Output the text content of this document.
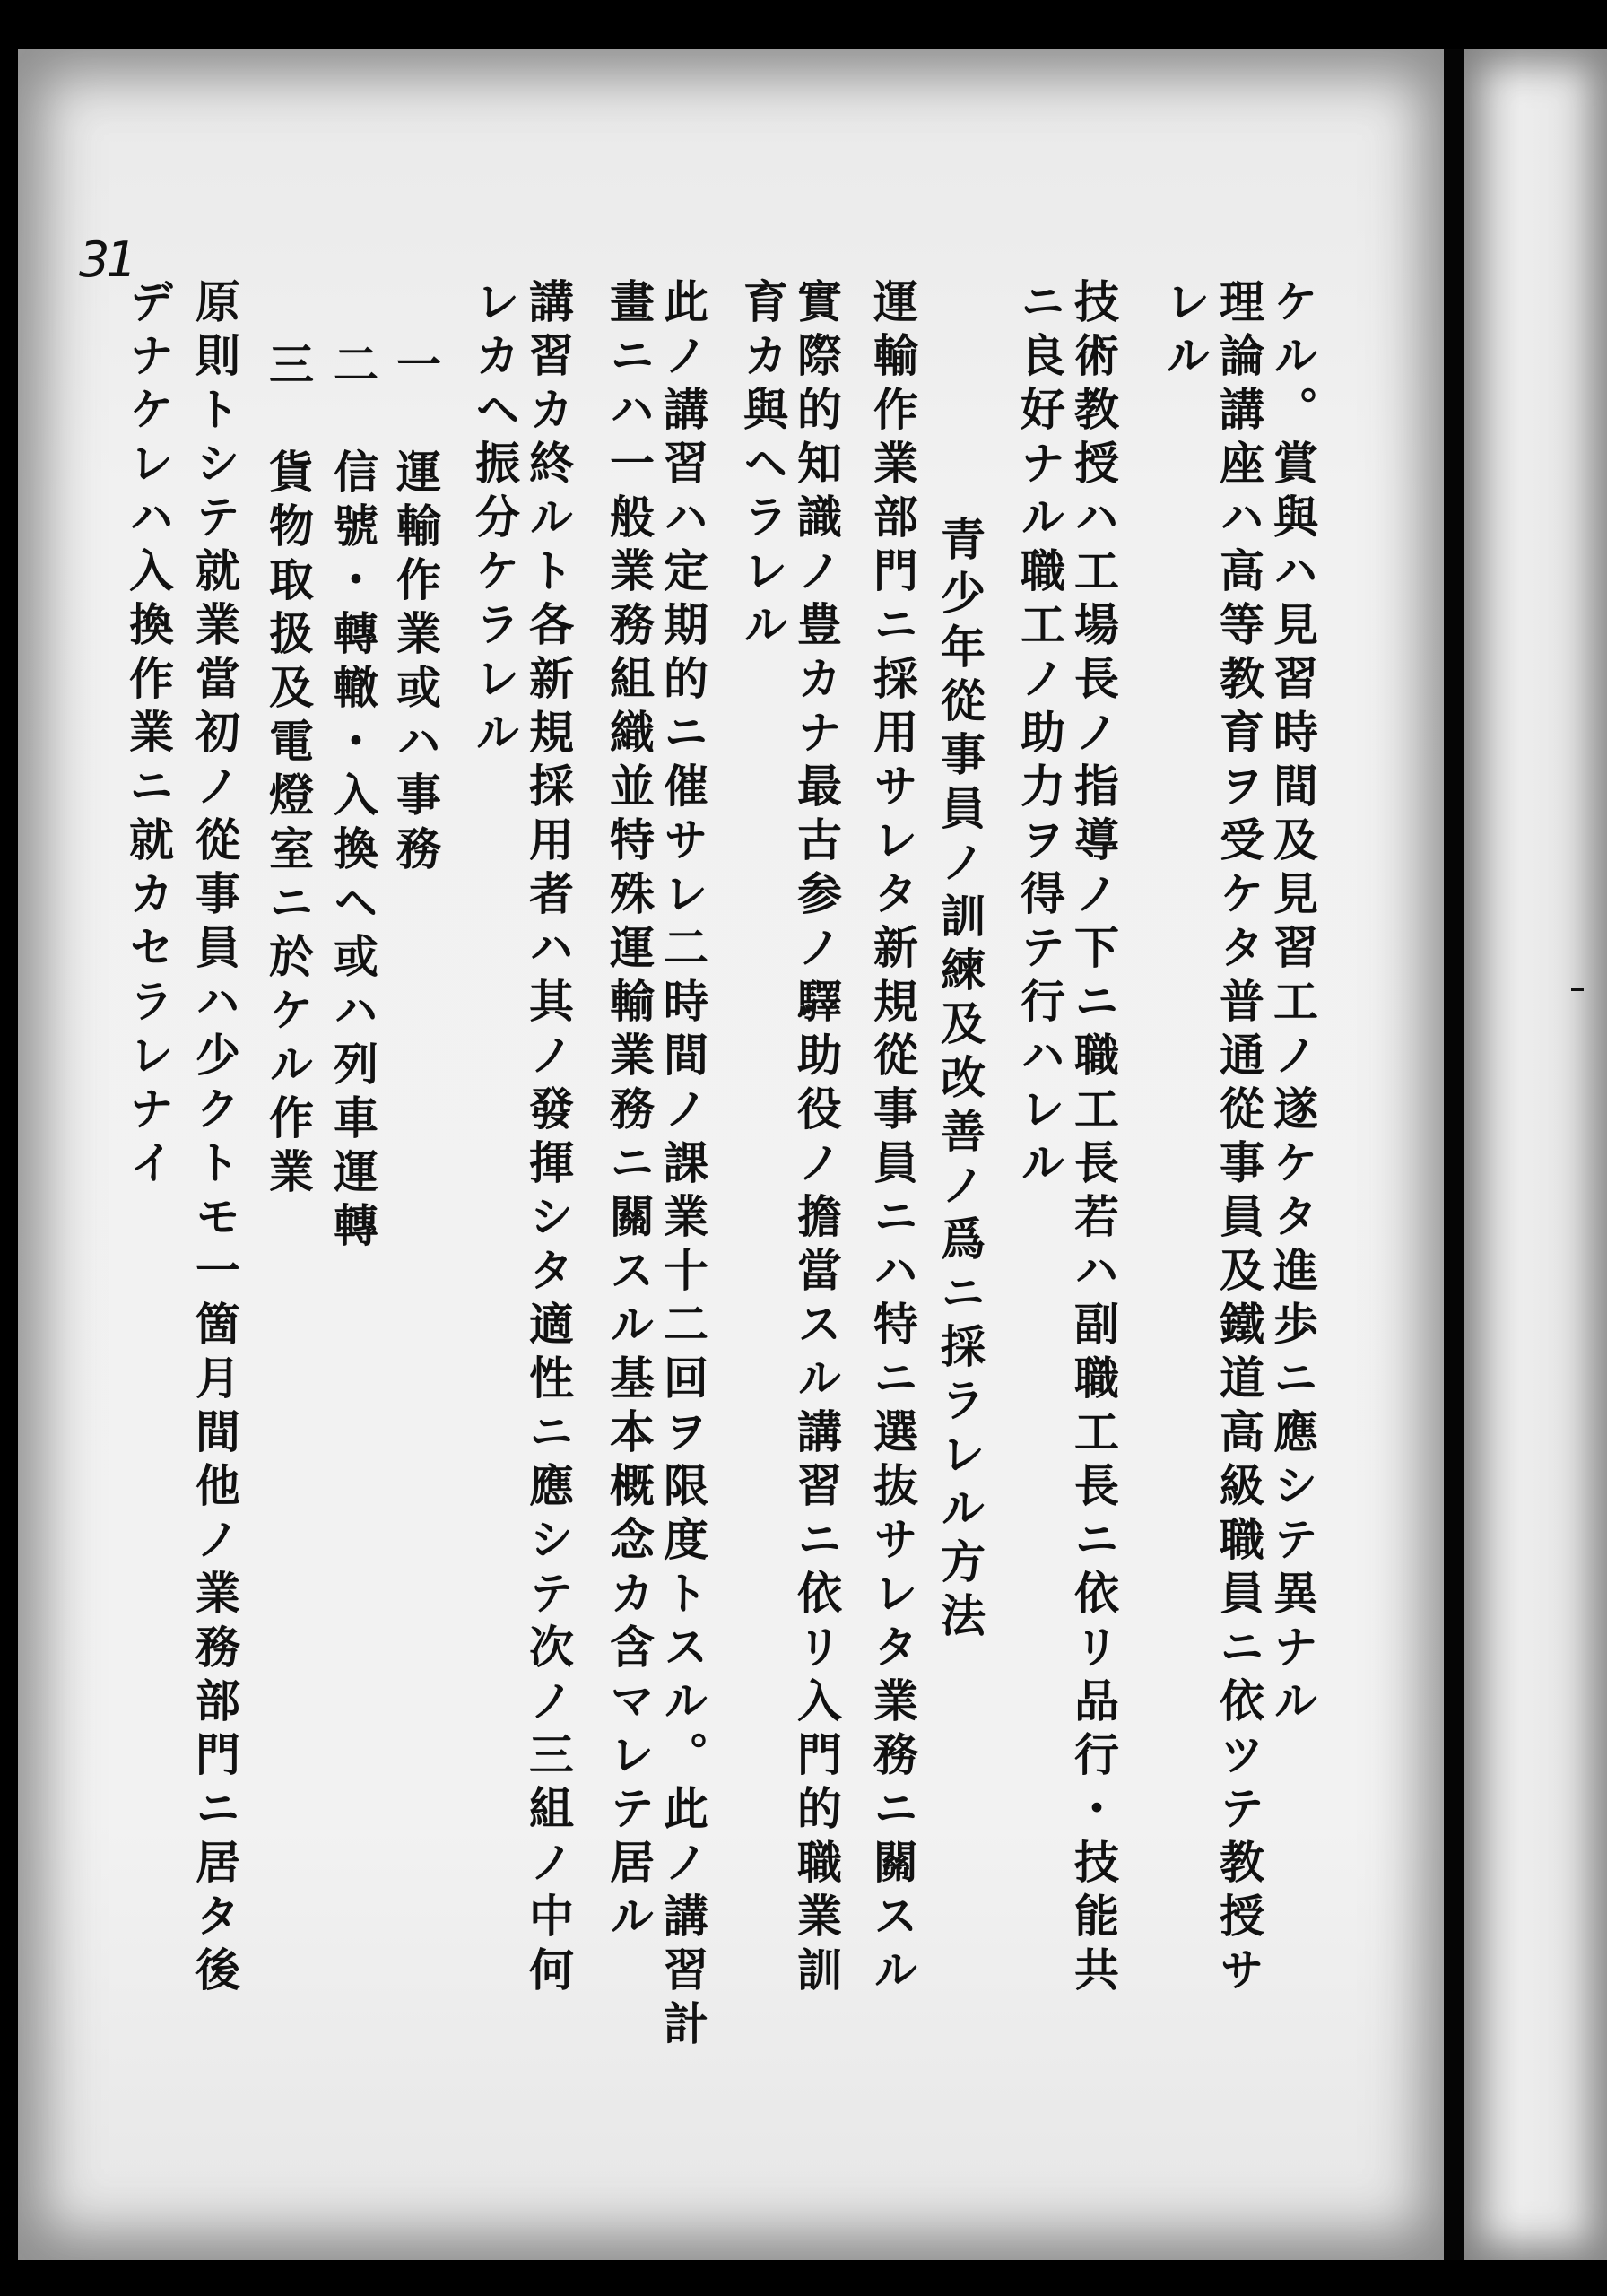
31
ケル。賞與ハ見習時間及見習工ノ遂ケタ進歩ニ應シテ異ナル
理論講座ハ高等教育ヲ受ケタ普通從事員及鐵道高級職員ニ依ツテ教授サ
レル
技術教授ハ工場長ノ指導ノ下ニ職工長若ハ副職工長ニ依リ品行・技能共
ニ良好ナル職工ノ助力ヲ得テ行ハレル
青少年從事員ノ訓練及改善ノ爲ニ採ラレル方法
運輸作業部門ニ採用サレタ新規從事員ニハ特ニ選抜サレタ業務ニ關スル
實際的知識ノ豊カナ最古参ノ驛助役ノ擔當スル講習ニ依リ入門的職業訓
育カ與ヘラレル
此ノ講習ハ定期的ニ催サレ二時間ノ課業十二回ヲ限度トスル。此ノ講習計
畫ニハ一般業務組織並特殊運輸業務ニ關スル基本概念カ含マレテ居ル
講習カ終ルト各新規採用者ハ其ノ發揮シタ適性ニ應シテ次ノ三組ノ中何
レカヘ振分ケラレル
一　運輸作業或ハ事務
二　信號・轉轍・入換ヘ或ハ列車運轉
三　貨物取扱及電燈室ニ於ケル作業
原則トシテ就業當初ノ從事員ハ少クトモ一箇月間他ノ業務部門ニ居タ後
デナケレハ入換作業ニ就カセラレナイ
